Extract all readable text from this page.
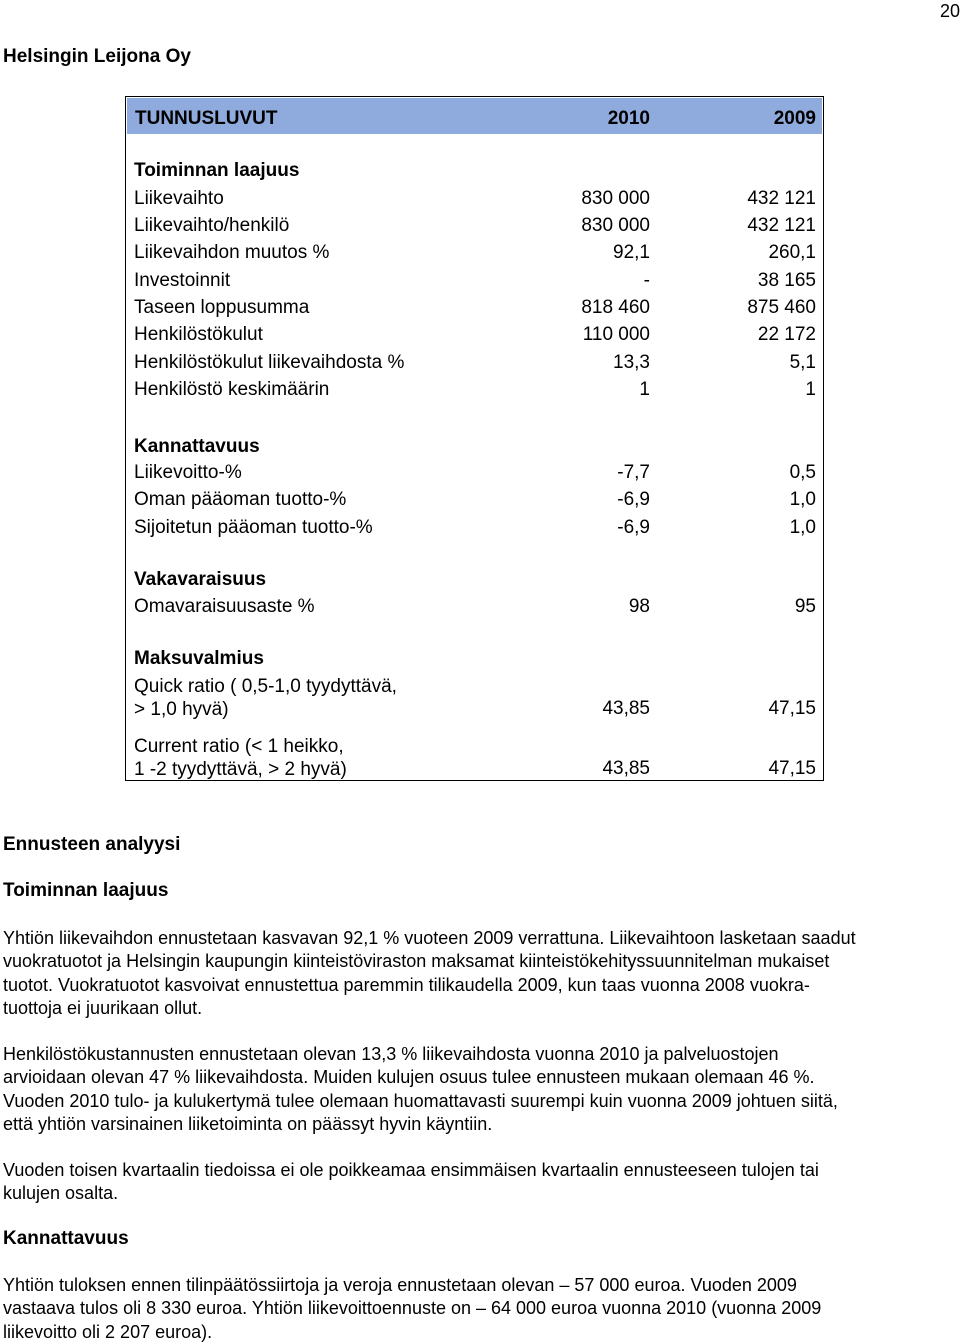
20
Helsingin Leijona Oy
TUNNUSLUVUT	2010	2009
Toiminnan laajuus
Liikevaihto	830 000	432 121
Liikevaihto/henkilö	830 000	432 121
Liikevaihdon muutos %	92,1	260,1
Investoinnit	-	38 165
Taseen loppusumma	818 460	875 460
Henkilöstökulut	110 000	22 172
Henkilöstökulut liikevaihdosta %	13,3	5,1
Henkilöstö keskimäärin	1	1
Kannattavuus
Liikevoitto-%	-7,7	0,5
Oman pääoman tuotto-%	-6,9	1,0
Sijoitetun pääoman tuotto-%	-6,9	1,0
Vakavaraisuus
Omavaraisuusaste %	98	95
Maksuvalmius
Quick ratio ( 0,5-1,0 tyydyttävä,
> 1,0 hyvä)	43,85	47,15
Current ratio (< 1 heikko,
1 -2 tyydyttävä, > 2 hyvä)	43,85	47,15
Ennusteen analyysi
Toiminnan laajuus

Yhtiön liikevaihdon ennustetaan kasvavan 92,1 % vuoteen 2009 verrattuna. Liikevaihtoon lasketaan saadut
vuokratuotot ja Helsingin kaupungin kiinteistöviraston maksamat kiinteistökehityssuunnitelman mukaiset
tuotot. Vuokratuotot kasvoivat ennustettua paremmin tilikaudella 2009, kun taas vuonna 2008 vuokra-
tuottoja ei juurikaan ollut.

Henkilöstökustannusten ennustetaan olevan 13,3 % liikevaihdosta vuonna 2010 ja palveluostojen
arvioidaan olevan 47 % liikevaihdosta. Muiden kulujen osuus tulee ennusteen mukaan olemaan 46 %.
Vuoden 2010 tulo- ja kulukertymä tulee olemaan huomattavasti suurempi kuin vuonna 2009 johtuen siitä,
että yhtiön varsinainen liiketoiminta on päässyt hyvin käyntiin.

Vuoden toisen kvartaalin tiedoissa ei ole poikkeamaa ensimmäisen kvartaalin ennusteeseen tulojen tai
kulujen osalta.

Kannattavuus

Yhtiön tuloksen ennen tilinpäätössiirtoja ja veroja ennustetaan olevan – 57 000 euroa. Vuoden 2009
vastaava tulos oli 8 330 euroa. Yhtiön liikevoittoennuste on – 64 000 euroa vuonna 2010 (vuonna 2009
liikevoitto oli 2 207 euroa).
